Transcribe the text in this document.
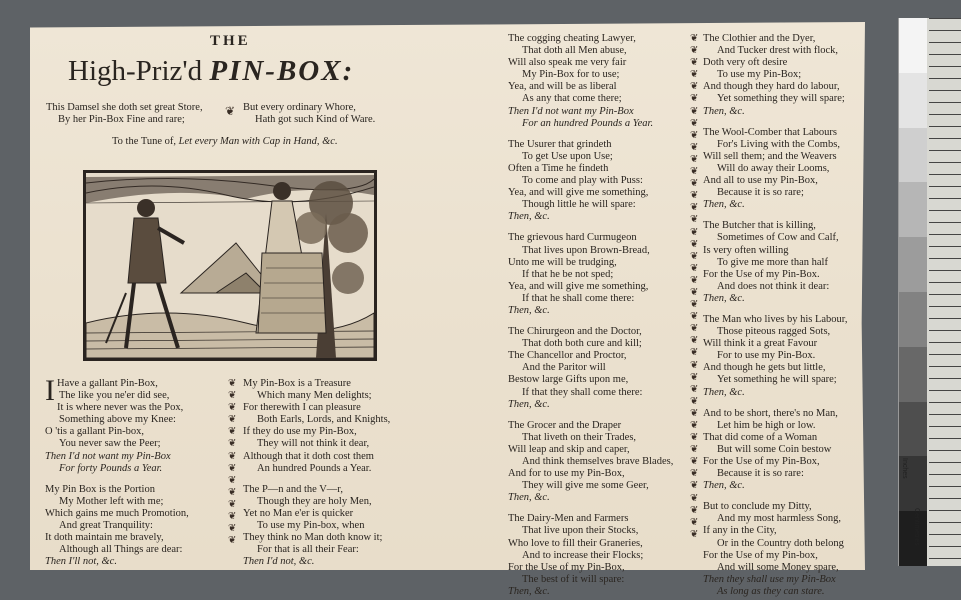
THE
High-Priz'd PIN-BOX:
This Damsel she doth set great Store,
By her Pin-Box Fine and rare;
❦ But every ordinary Whore,
Hath got such Kind of Ware.
To the Tune of, Let every Man with Cap in Hand, &c.
❦
❦
❦
❦
❦
❦
❦
❦
❦
❦
❦
❦
❦
❦
❦
❦
❦
❦
❦
❦
❦
❦
❦
❦
❦
❦
❦
❦
❦
❦
❦
❦
❦
❦
❦
❦
❦
❦
❦
❦
❦
❦
❦
❦
❦
❦
❦
❦
❦
❦
❦
❦
❦
❦
❦
❦
I Have a gallant Pin-Box,
The like you ne'er did see,
It is where never was the Pox,
Something above my Knee:
O 'tis a gallant Pin-box,
You never saw the Peer;
Then I'd not want my Pin-Box
For forty Pounds a Year.
My Pin Box is the Portion
My Mother left with me;
Which gains me much Promotion,
And great Tranquility:
It doth maintain me bravely,
Although all Things are dear:
Then I'll not, &c.
My Pin-Box is a Treasure
Which many Men delights;
For therewith I can pleasure
Both Earls, Lords, and Knights,
If they do use my Pin-Box,
They will not think it dear,
Although that it doth cost them
An hundred Pounds a Year.
The P—n and the V—r,
Though they are holy Men,
Yet no Man e'er is quicker
To use my Pin-box, when
They think no Man doth know it;
For that is all their Fear:
Then I'd not, &c.
The cogging cheating Lawyer,
That doth all Men abuse,
Will also speak me very fair
My Pin-Box for to use;
Yea, and will be as liberal
As any that come there;
Then I'd not want my Pin-Box
For an hundred Pounds a Year.
The Usurer that grindeth
To get Use upon Use;
Often a Time he findeth
To come and play with Puss:
Yea, and will give me something,
Though little he will spare:
Then, &c.
The grievous hard Curmugeon
That lives upon Brown-Bread,
Unto me will be trudging,
If that he be not sped;
Yea, and will give me something,
If that he shall come there:
Then, &c.
The Chirurgeon and the Doctor,
That doth both cure and kill;
The Chancellor and Proctor,
And the Paritor will
Bestow large Gifts upon me,
If that they shall come there:
Then, &c.
The Grocer and the Draper
That liveth on their Trades,
Will leap and skip and caper,
And think themselves brave Blades,
And for to use my Pin-Box,
They will give me some Geer,
Then, &c.
The Dairy-Men and Farmers
That live upon their Stocks,
Who love to fill their Graneries,
And to increase their Flocks;
For the Use of my Pin-Box,
The best of it will spare:
Then, &c.
The Clothier and the Dyer,
And Tucker drest with flock,
Doth very oft desire
To use my Pin-Box;
And though they hard do labour,
Yet something they will spare;
Then, &c.
The Wool-Comber that Labours
For's Living with the Combs,
Will sell them; and the Weavers
Will do away their Looms,
And all to use my Pin-Box,
Because it is so rare;
Then, &c.
The Butcher that is killing,
Sometimes of Cow and Calf,
Is very often willing
To give me more than half
For the Use of my Pin-Box.
And does not think it dear:
Then, &c.
The Man who lives by his Labour,
Those piteous ragged Sots,
Will think it a great Favour
For to use my Pin-Box.
And though he gets but little,
Yet something he will spare;
Then, &c.
And to be short, there's no Man,
Let him be high or low.
That did come of a Woman
But will some Coin bestow
For the Use of my Pin-Box,
Because it is so rare:
Then, &c.
But to conclude my Ditty,
And my most harmless Song,
If any in the City,
Or in the Country doth belong
For the Use of my Pin-box,
And will some Money spare,
Then they shall use my Pin-Box
As long as they can stare.
Inches
Centimetres
